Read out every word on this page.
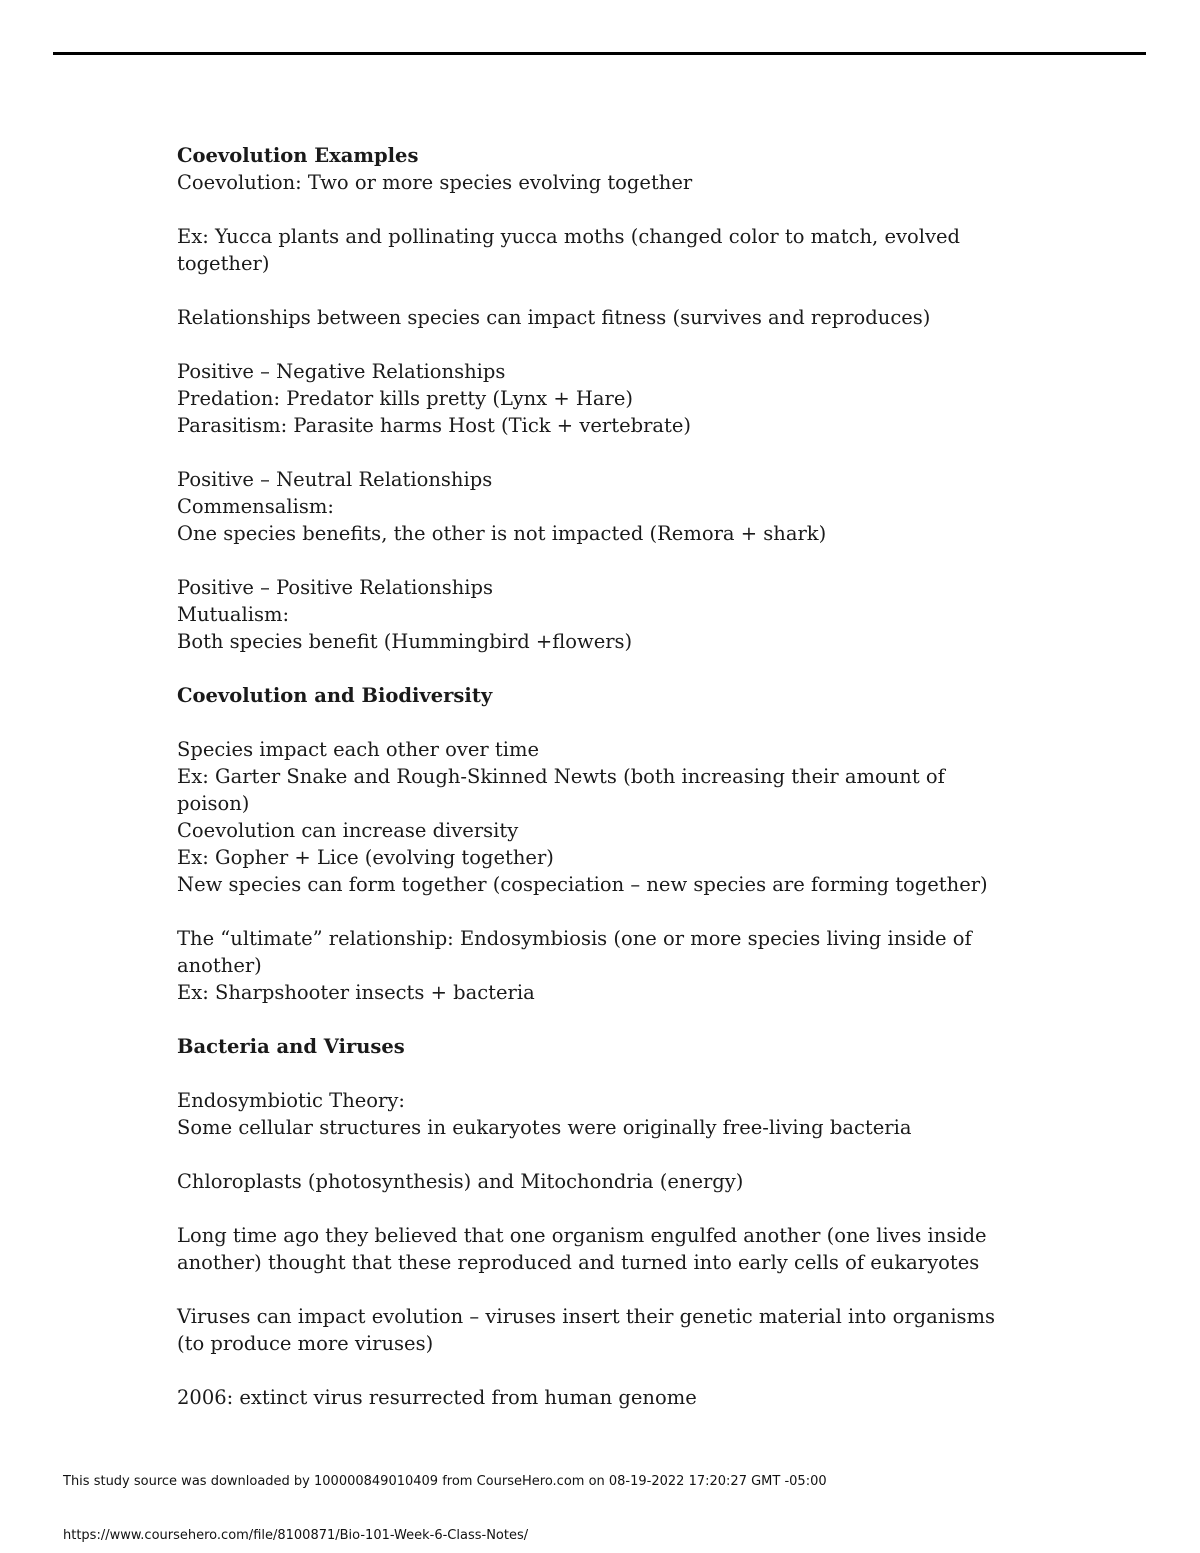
Coevolution Examples

Coevolution: Two or more species evolving together

Ex: Yucca plants and pollinating yucca moths (changed color to match, evolved together)

Relationships between species can impact fitness (survives and reproduces)

Positive – Negative Relationships

Predation: Predator kills pretty (Lynx + Hare)

Parasitism: Parasite harms Host (Tick + vertebrate)

Positive – Neutral Relationships

Commensalism:

One species benefits, the other is not impacted (Remora + shark)

Positive – Positive Relationships

Mutualism:

Both species benefit (Hummingbird +flowers)

Coevolution and Biodiversity

Species impact each other over time

Ex: Garter Snake and Rough-Skinned Newts (both increasing their amount of poison)

Coevolution can increase diversity

Ex: Gopher + Lice (evolving together)

New species can form together (cospeciation – new species are forming together)

The “ultimate” relationship: Endosymbiosis (one or more species living inside of another)

Ex: Sharpshooter insects + bacteria

Bacteria and Viruses

Endosymbiotic Theory:

Some cellular structures in eukaryotes were originally free-living bacteria

Chloroplasts (photosynthesis) and Mitochondria (energy)

Long time ago they believed that one organism engulfed another (one lives inside another) thought that these reproduced and turned into early cells of eukaryotes

Viruses can impact evolution – viruses insert their genetic material into organisms (to produce more viruses)

2006: extinct virus resurrected from human genome

This study source was downloaded by 100000849010409 from CourseHero.com on 08-19-2022 17:20:27 GMT -05:00
https://www.coursehero.com/file/8100871/Bio-101-Week-6-Class-Notes/
